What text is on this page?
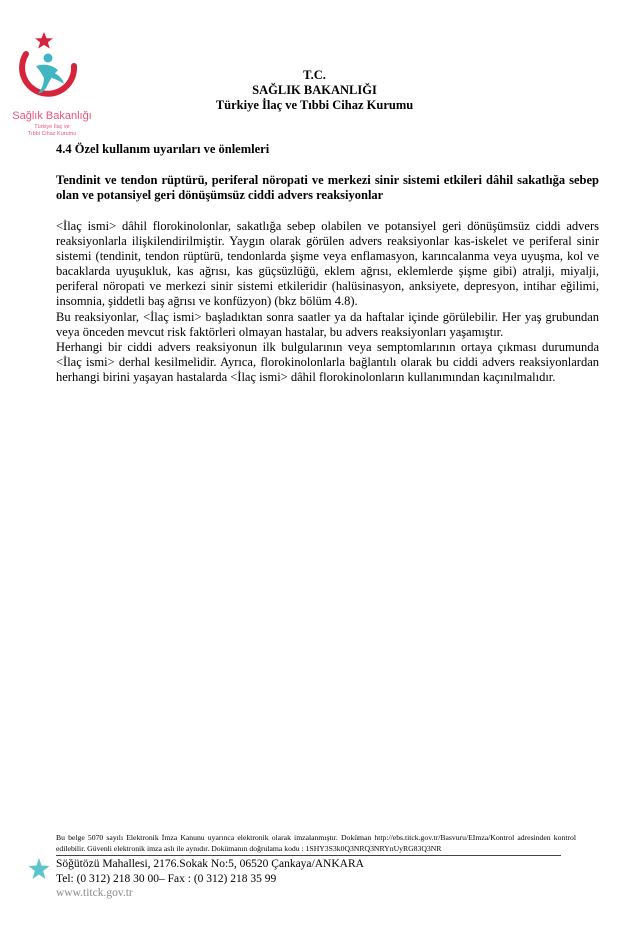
Sağlık Bakanlığı
Türkiye İlaç ve
Tıbbi Cihaz Kurumu
T.C.
SAĞLIK BAKANLIĞI
Türkiye İlaç ve Tıbbi Cihaz Kurumu

4.4 Özel kullanım uyarıları ve önlemleri

Tendinit ve tendon rüptürü, periferal nöropati ve merkezi sinir sistemi etkileri dâhil sakatlığa sebep olan ve potansiyel geri dönüşümsüz ciddi advers reaksiyonlar

<İlaç ismi> dâhil florokinolonlar, sakatlığa sebep olabilen ve potansiyel geri dönüşümsüz ciddi advers reaksiyonlarla ilişkilendirilmiştir. Yaygın olarak görülen advers reaksiyonlar kas-iskelet ve periferal sinir sistemi (tendinit, tendon rüptürü, tendonlarda şişme veya enflamasyon, karıncalanma veya uyuşma, kol ve bacaklarda uyuşukluk, kas ağrısı, kas güçsüzlüğü, eklem ağrısı, eklemlerde şişme gibi) atralji, miyalji, periferal nöropati ve merkezi sinir sistemi etkileridir (halüsinasyon, anksiyete, depresyon, intihar eğilimi, insomnia, şiddetli baş ağrısı ve konfüzyon) (bkz bölüm 4.8).

Bu reaksiyonlar, <İlaç ismi> başladıktan sonra saatler ya da haftalar içinde görülebilir. Her yaş grubundan veya önceden mevcut risk faktörleri olmayan hastalar, bu advers reaksiyonları yaşamıştır.

Herhangi bir ciddi advers reaksiyonun ilk bulgularının veya semptomlarının ortaya çıkması durumunda <İlaç ismi> derhal kesilmelidir. Ayrıca, florokinolonlarla bağlantılı olarak bu ciddi advers reaksiyonlardan herhangi birini yaşayan hastalarda <İlaç ismi> dâhil florokinolonların kullanımından kaçınılmalıdır.

Bu belge 5070 sayılı Elektronik İmza Kanunu uyarınca elektronik olarak imzalanmıştır. Doküman http://ebs.titck.gov.tr/Basvuru/EImza/Kontrol adresinden kontrol edilebilir. Güvenli elektronik imza aslı ile aynıdır. Dokümanın doğrulama kodu : 1SHY3S3k0Q3NRQ3NRYnUyRG83Q3NR
Söğütözü Mahallesi, 2176.Sokak No:5, 06520 Çankaya/ANKARA
Tel: (0 312) 218 30 00– Fax : (0 312) 218 35 99
www.titck.gov.tr
